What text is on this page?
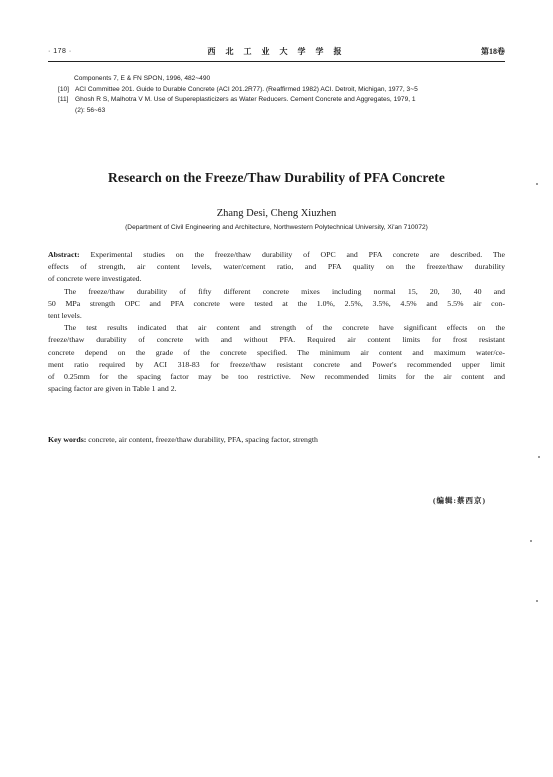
· 178 ·	西 北 工 业 大 学 学 报	第18卷
Components 7, E & FN SPON, 1996, 482~490
[10] ACI Committee 201. Guide to Durable Concrete (ACI 201.2R77). (Reaffirmed 1982) ACI. Detroit, Michigan, 1977, 3~5
[11] Ghosh R S, Malhotra V M. Use of Supereplasticizers as Water Reducers. Cement Concrete and Aggregates, 1979, 1
(2): 56~63
Research on the Freeze/Thaw Durability of PFA Concrete
Zhang Desi, Cheng Xiuzhen
(Department of Civil Engineering and Architecture, Northwestern Polytechnical University, Xi'an 710072)
Abstract: Experimental studies on the freeze/thaw durability of OPC and PFA concrete are described. The
effects of strength, air content levels, water/cement ratio, and PFA quality on the freeze/thaw durability
of concrete were investigated.
The freeze/thaw durability of fifty different concrete mixes including normal 15, 20, 30, 40 and
50 MPa strength OPC and PFA concrete were tested at the 1.0%, 2.5%, 3.5%, 4.5% and 5.5% air con-
tent levels.
The test results indicated that air content and strength of the concrete have significant effects on the
freeze/thaw durability of concrete with and without PFA. Required air content limits for frost resistant
concrete depend on the grade of the concrete specified. The minimum air content and maximum water/ce-
ment ratio required by ACI 318-83 for freeze/thaw resistant concrete and Power's recommended upper limit
of 0.25mm for the spacing factor may be too restrictive. New recommended limits for the air content and
spacing factor are given in Table 1 and 2.
Key words: concrete, air content, freeze/thaw durability, PFA, spacing factor, strength
(编辑:蔡西京)
